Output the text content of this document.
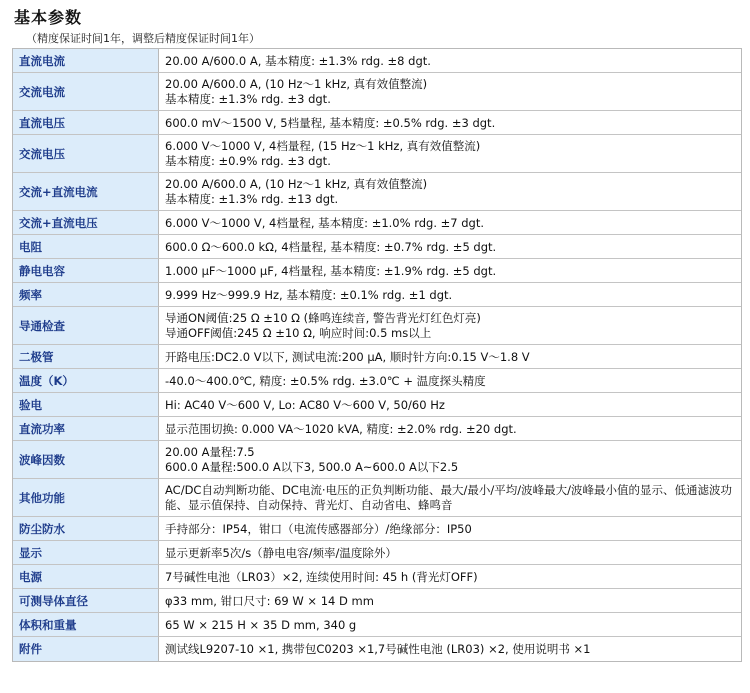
基本参数
（精度保证时间1年，调整后精度保证时间1年）
直流电流	20.00 A/600.0 A, 基本精度: ±1.3% rdg. ±8 dgt.

交流电流	20.00 A/600.0 A, (10 Hz～1 kHz, 真有效值整流)
基本精度: ±1.3% rdg. ±3 dgt.

直流电压	600.0 mV～1500 V, 5档量程, 基本精度: ±0.5% rdg. ±3 dgt.

交流电压	6.000 V～1000 V, 4档量程, (15 Hz～1 kHz, 真有效值整流)
基本精度: ±0.9% rdg. ±3 dgt.

交流+直流电流	20.00 A/600.0 A, (10 Hz～1 kHz, 真有效值整流)
基本精度: ±1.3% rdg. ±13 dgt.

交流+直流电压	6.000 V～1000 V, 4档量程, 基本精度: ±1.0% rdg. ±7 dgt.

电阻	600.0 Ω～600.0 kΩ, 4档量程, 基本精度: ±0.7% rdg. ±5 dgt.

静电电容	1.000 μF～1000 μF, 4档量程, 基本精度: ±1.9% rdg. ±5 dgt.

频率	9.999 Hz～999.9 Hz, 基本精度: ±0.1% rdg. ±1 dgt.

导通检查	导通ON阈值:25 Ω ±10 Ω (蜂鸣连续音, 警告背光灯红色灯亮)
导通OFF阈值:245 Ω ±10 Ω, 响应时间:0.5 ms以上

二极管	开路电压:DC2.0 V以下, 测试电流:200 μA, 顺时针方向:0.15 V～1.8 V

温度（K）	-40.0～400.0℃, 精度: ±0.5% rdg. ±3.0℃ + 温度探头精度

验电	Hi: AC40 V～600 V, Lo: AC80 V～600 V, 50/60 Hz

直流功率	显示范围切换: 0.000 VA～1020 kVA, 精度: ±2.0% rdg. ±20 dgt.

波峰因数	20.00 A量程:7.5
600.0 A量程:500.0 A以下3, 500.0 A~600.0 A以下2.5

其他功能	AC/DC自动判断功能、DC电流·电压的正负判断功能、最大/最小/平均/波峰最大/波峰最小值的显示、低通滤波功能、显示值保持、自动保持、背光灯、自动省电、蜂鸣音

防尘防水	手持部分：IP54，钳口（电流传感器部分）/绝缘部分：IP50

显示	显示更新率5次/s（静电电容/频率/温度除外）

电源	7号碱性电池（LR03）×2, 连续使用时间: 45 h (背光灯OFF)

可测导体直径	φ33 mm, 钳口尺寸: 69 W × 14 D mm

体积和重量	65 W × 215 H × 35 D mm, 340 g

附件	测试线L9207-10 ×1, 携带包C0203 ×1,7号碱性电池 (LR03) ×2, 使用说明书 ×1
